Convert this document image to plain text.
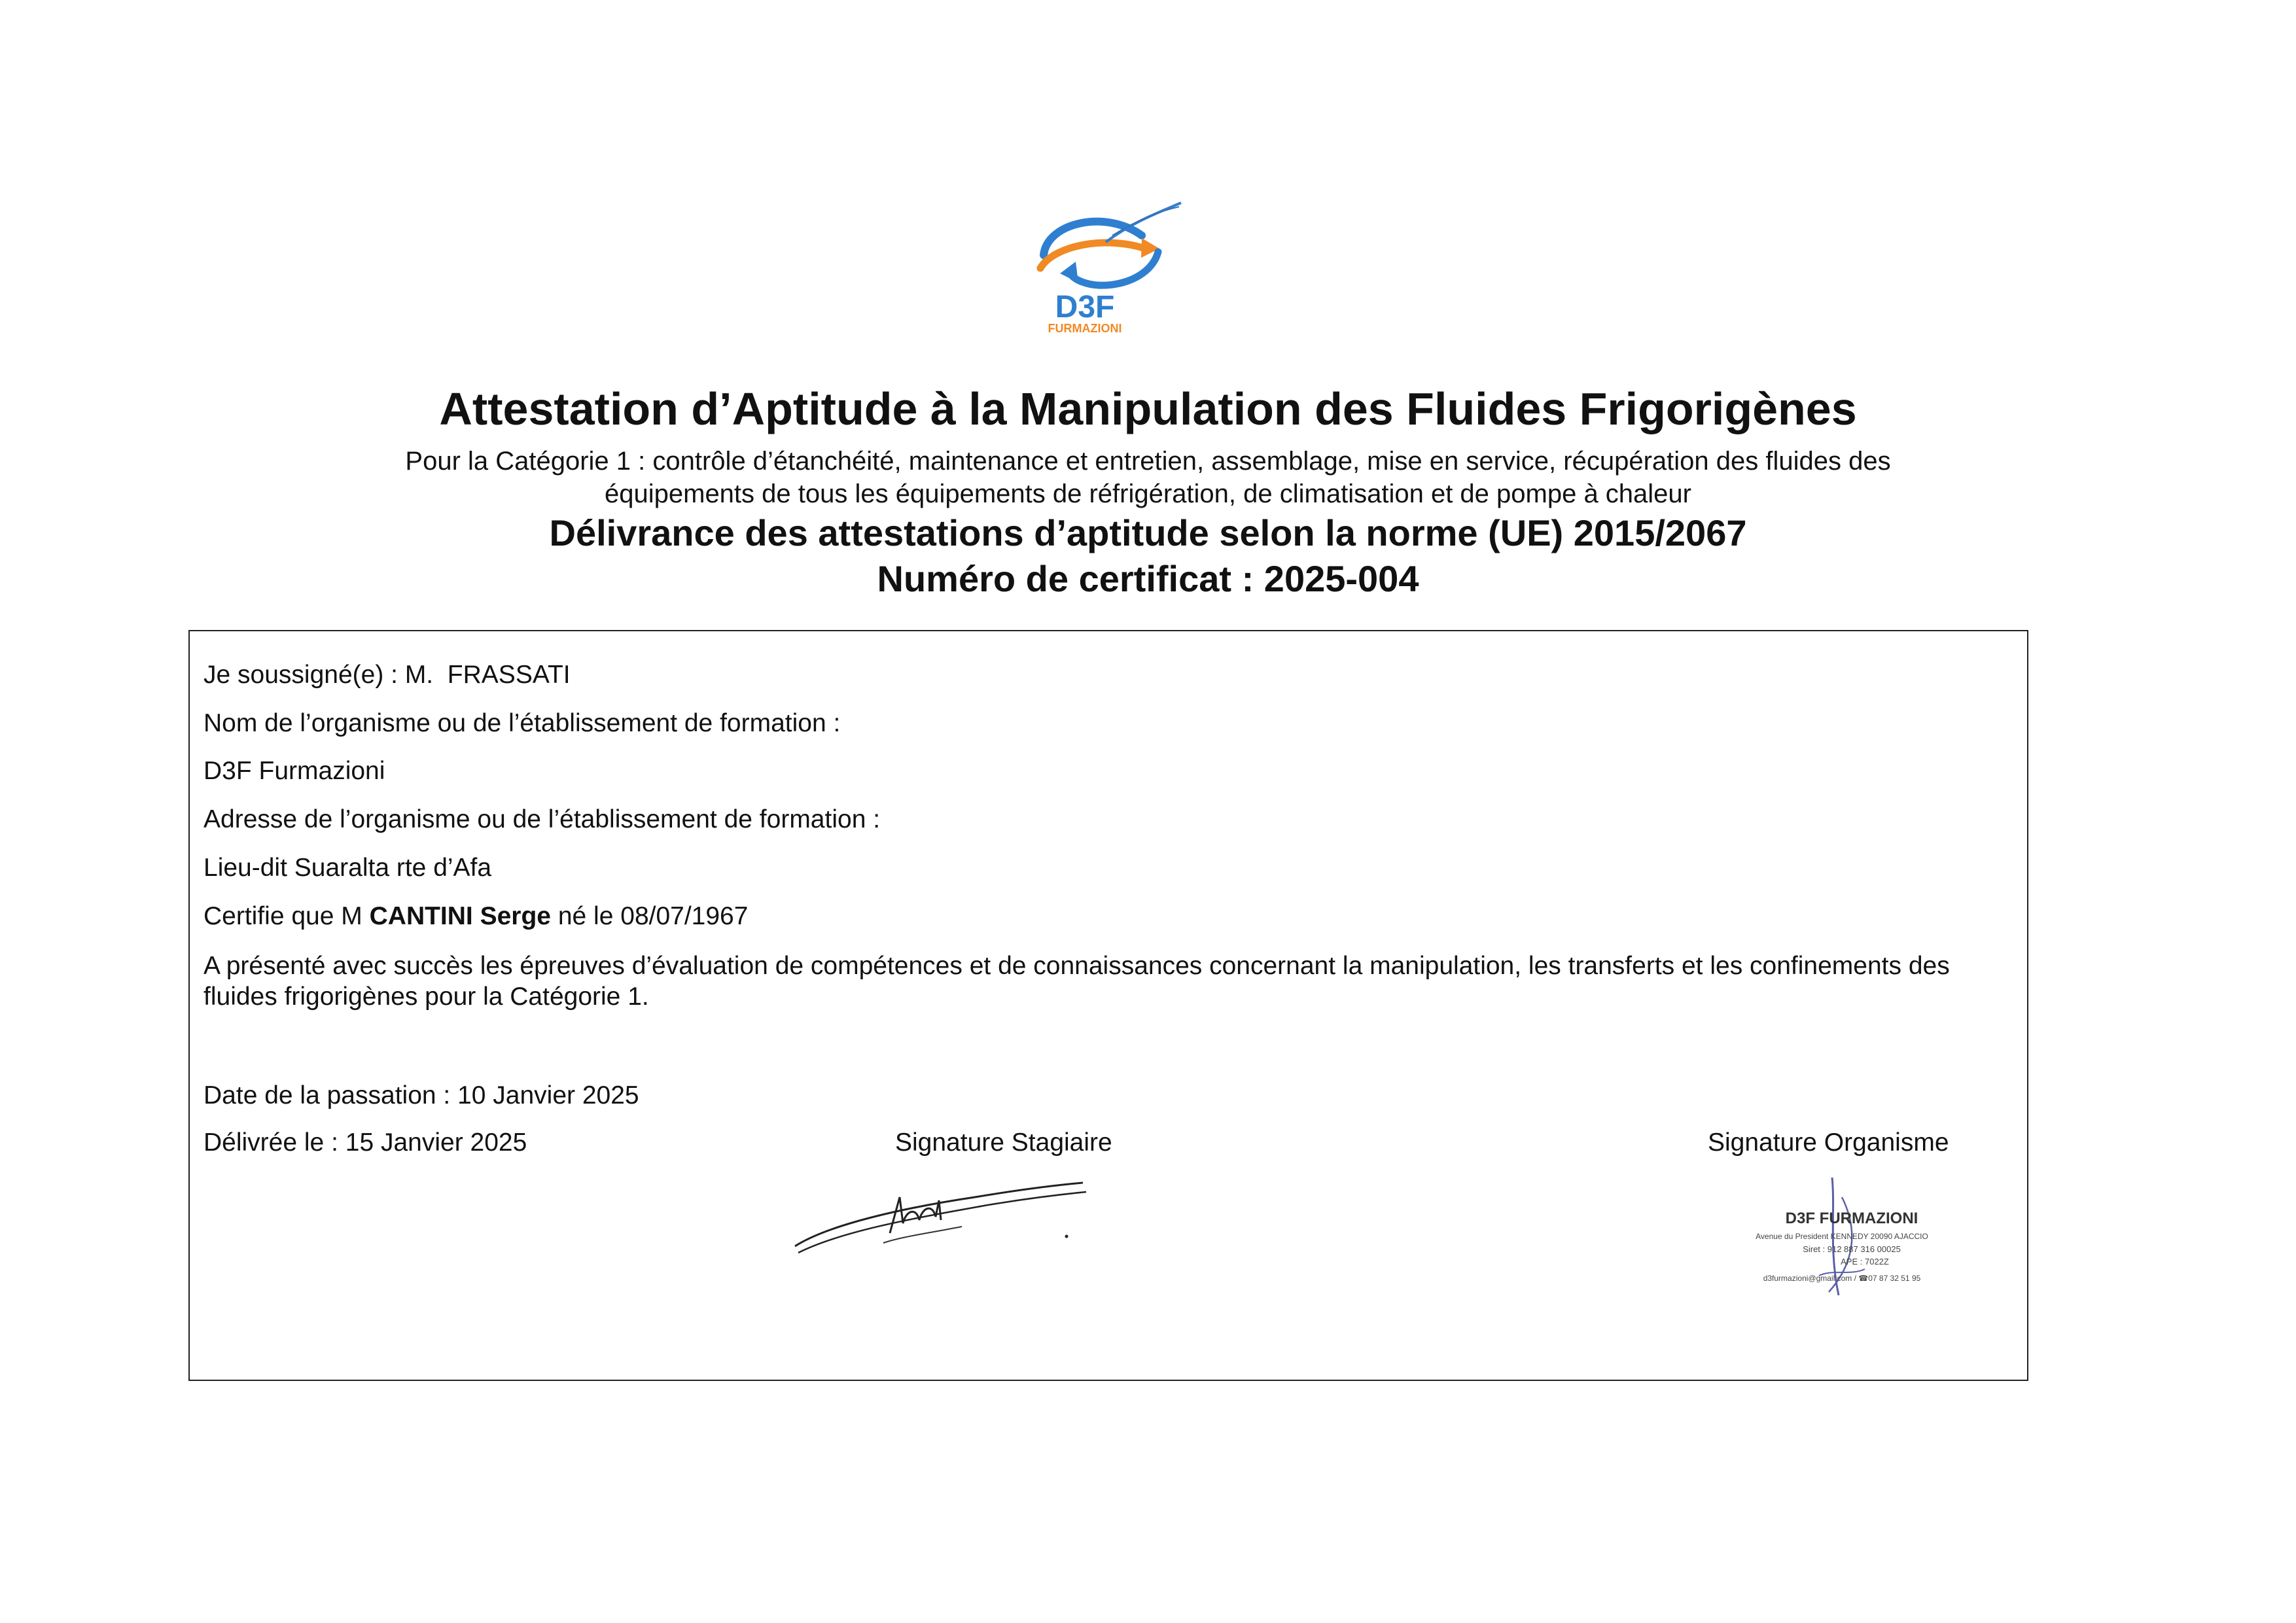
D3F
FURMAZIONI
Attestation d’Aptitude à la Manipulation des Fluides Frigorigènes
Pour la Catégorie 1 : contrôle d’étanchéité, maintenance et entretien, assemblage, mise en service, récupération des fluides des
équipements de tous les équipements de réfrigération, de climatisation et de pompe à chaleur
Délivrance des attestations d’aptitude selon la norme (UE) 2015/2067
Numéro de certificat : 2025-004
Je soussigné(e) : M.  FRASSATI
Nom de l’organisme ou de l’établissement de formation :
D3F Furmazioni
Adresse de l’organisme ou de l’établissement de formation :
Lieu-dit Suaralta rte d’Afa
Certifie que M CANTINI Serge né le 08/07/1967
A présenté avec succès les épreuves d’évaluation de compétences et de connaissances concernant la manipulation, les transferts et les confinements des fluides frigorigènes pour la Catégorie 1.
Date de la passation : 10 Janvier 2025
Délivrée le : 15 Janvier 2025	Signature Stagiaire	Signature Organisme
D3F FURMAZIONI
Avenue du President KENNEDY 20090 AJACCIO
Siret : 912 887 316 00025
APE : 7022Z
d3furmazioni@gmail.com / ☎07 87 32 51 95
